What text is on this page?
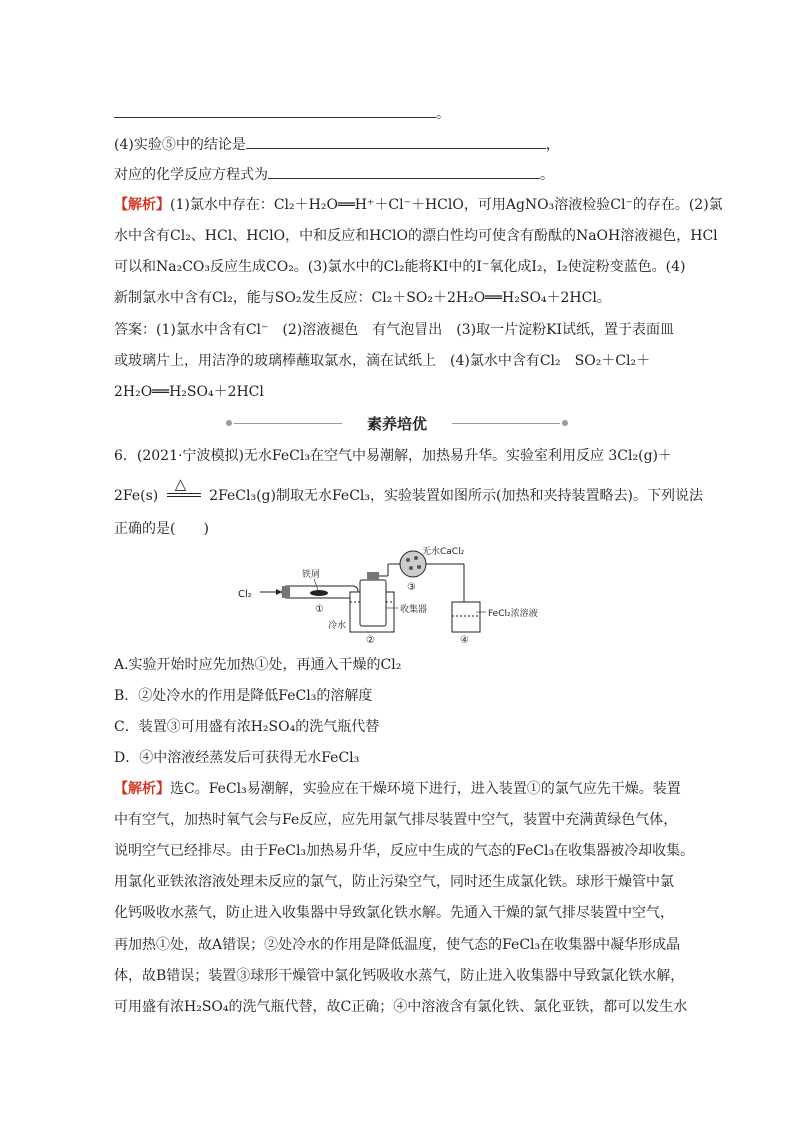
。
(4)实验⑤中的结论是	，
对应的化学反应方程式为	。
【解析】(1)氯水中存在：Cl₂＋H₂O══H⁺＋Cl⁻＋HClO，可用AgNO₃溶液检验Cl⁻的存在。(2)氯
水中含有Cl₂、HCl、HClO，中和反应和HClO的漂白性均可使含有酚酞的NaOH溶液褪色，HCl
可以和Na₂CO₃反应生成CO₂。(3)氯水中的Cl₂能将KI中的I⁻氧化成I₂，I₂使淀粉变蓝色。(4)
新制氯水中含有Cl₂，能与SO₂发生反应：Cl₂＋SO₂＋2H₂O══H₂SO₄＋2HCl。
答案：(1)氯水中含有Cl⁻　(2)溶液褪色　有气泡冒出　(3)取一片淀粉KI试纸，置于表面皿
或玻璃片上，用洁净的玻璃棒蘸取氯水，滴在试纸上　(4)氯水中含有Cl₂　SO₂＋Cl₂＋
2H₂O══H₂SO₄＋2HCl
素养培优
6．(2021·宁波模拟)无水FeCl₃在空气中易潮解，加热易升华。实验室利用反应 3Cl₂(g)＋
2Fe(s)
△
2FeCl₃(g)制取无水FeCl₃，实验装置如图所示(加热和夹持装置略去)。下列说法
正确的是(　　)
Cl₂
铁屑
①	收集器
冷水
②
无水CaCl₂
③
FeCl₂浓溶液
④
A.实验开始时应先加热①处，再通入干燥的Cl₂
B．②处冷水的作用是降低FeCl₃的溶解度
C．装置③可用盛有浓H₂SO₄的洗气瓶代替
D．④中溶液经蒸发后可获得无水FeCl₃
【解析】选C。FeCl₃易潮解，实验应在干燥环境下进行，进入装置①的氯气应先干燥。装置
中有空气，加热时氧气会与Fe反应，应先用氯气排尽装置中空气，装置中充满黄绿色气体，
说明空气已经排尽。由于FeCl₃加热易升华，反应中生成的气态的FeCl₃在收集器被冷却收集。
用氯化亚铁浓溶液处理未反应的氯气，防止污染空气，同时还生成氯化铁。球形干燥管中氯
化钙吸收水蒸气，防止进入收集器中导致氯化铁水解。先通入干燥的氯气排尽装置中空气，
再加热①处，故A错误；②处冷水的作用是降低温度，使气态的FeCl₃在收集器中凝华形成晶
体，故B错误；装置③球形干燥管中氯化钙吸收水蒸气，防止进入收集器中导致氯化铁水解，
可用盛有浓H₂SO₄的洗气瓶代替，故C正确；④中溶液含有氯化铁、氯化亚铁，都可以发生水
